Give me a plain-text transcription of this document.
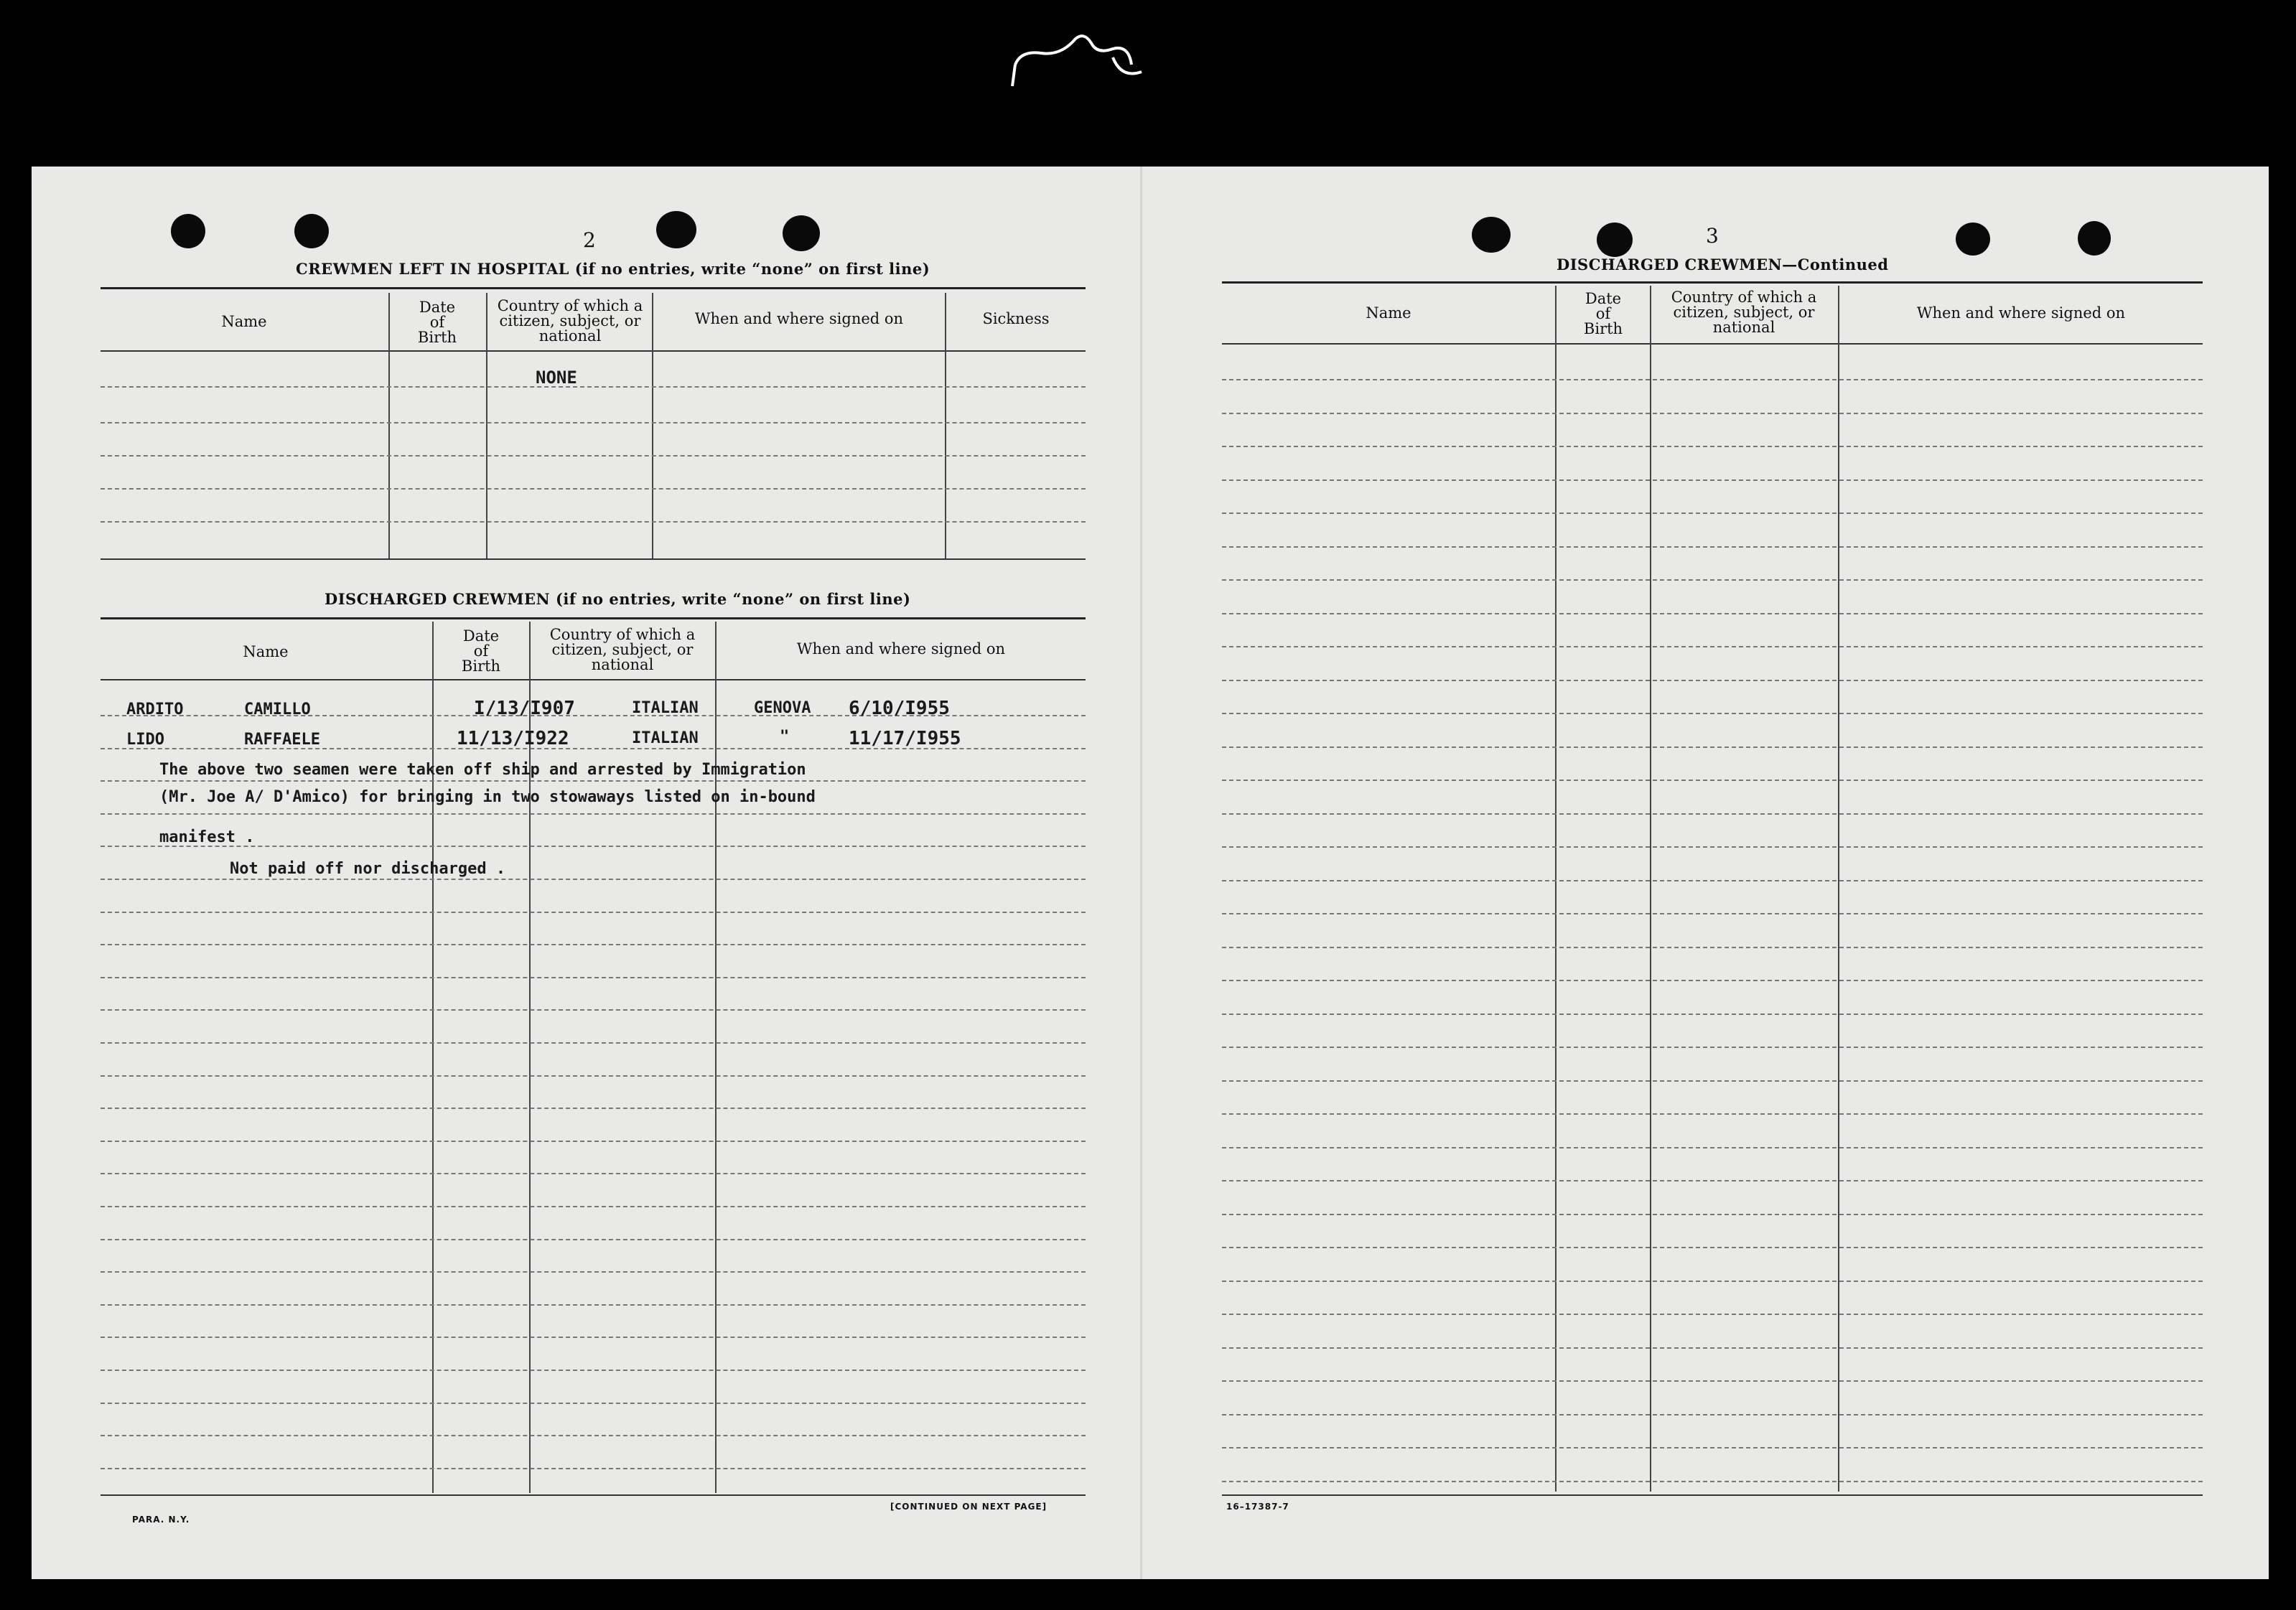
2
CREWMEN LEFT IN HOSPITAL (if no entries, write “none” on first line)
Name
Date
of
Birth
Country of which a
citizen, subject, or
national
When and where signed on	Sickness
NONE
DISCHARGED CREWMEN (if no entries, write “none” on first line)
Name
Date
of
Birth
Country of which a
citizen, subject, or
national
When and where signed on
ARDITO	CAMILLO	I/13/I907	ITALIAN	GENOVA 6/10/I955
LIDO	RAFFAELE	11/13/I922	ITALIAN	"	11/17/I955
The above two seamen were taken off ship and arrested by Immigration
(Mr. Joe A/ D'Amico) for bringing in two stowaways listed on in-bound
manifest .
Not paid off nor discharged .
PARA. N.Y.
[CONTINUED ON NEXT PAGE]
3
DISCHARGED CREWMEN—Continued
Name
Date
of
Birth
Country of which a
citizen, subject, or
national
When and where signed on
16–17387-7
